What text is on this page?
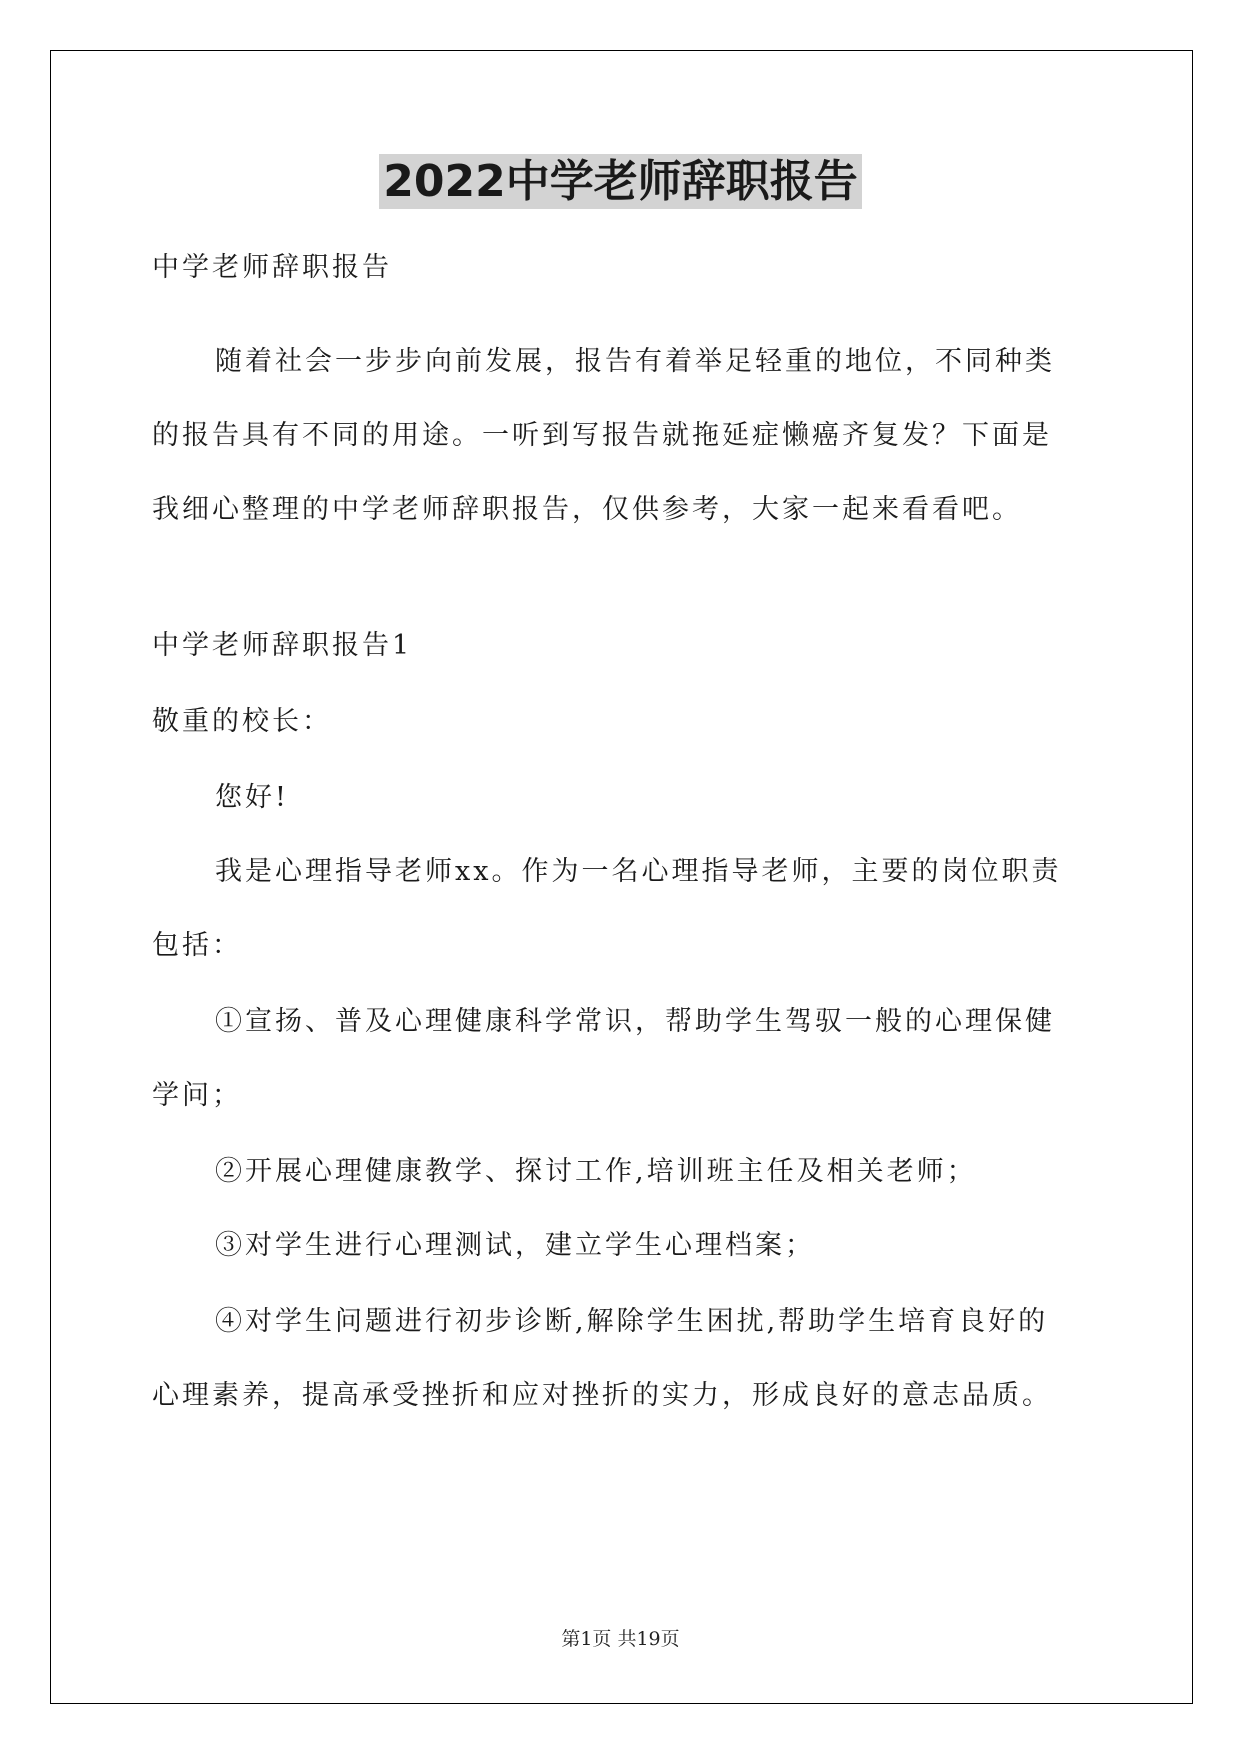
2022中学老师辞职报告
中学老师辞职报告
随着社会一步步向前发展，报告有着举足轻重的地位，不同种类
的报告具有不同的用途。一听到写报告就拖延症懒癌齐复发？下面是
我细心整理的中学老师辞职报告，仅供参考，大家一起来看看吧。
中学老师辞职报告1
敬重的校长：
您好!
我是心理指导老师xx。作为一名心理指导老师，主要的岗位职责
包括：
①宣扬、普及心理健康科学常识，帮助学生驾驭一般的心理保健
学问；
②开展心理健康教学、探讨工作,培训班主任及相关老师；
③对学生进行心理测试，建立学生心理档案；
④对学生问题进行初步诊断,解除学生困扰,帮助学生培育良好的
心理素养，提高承受挫折和应对挫折的实力，形成良好的意志品质。
第1页 共19页
